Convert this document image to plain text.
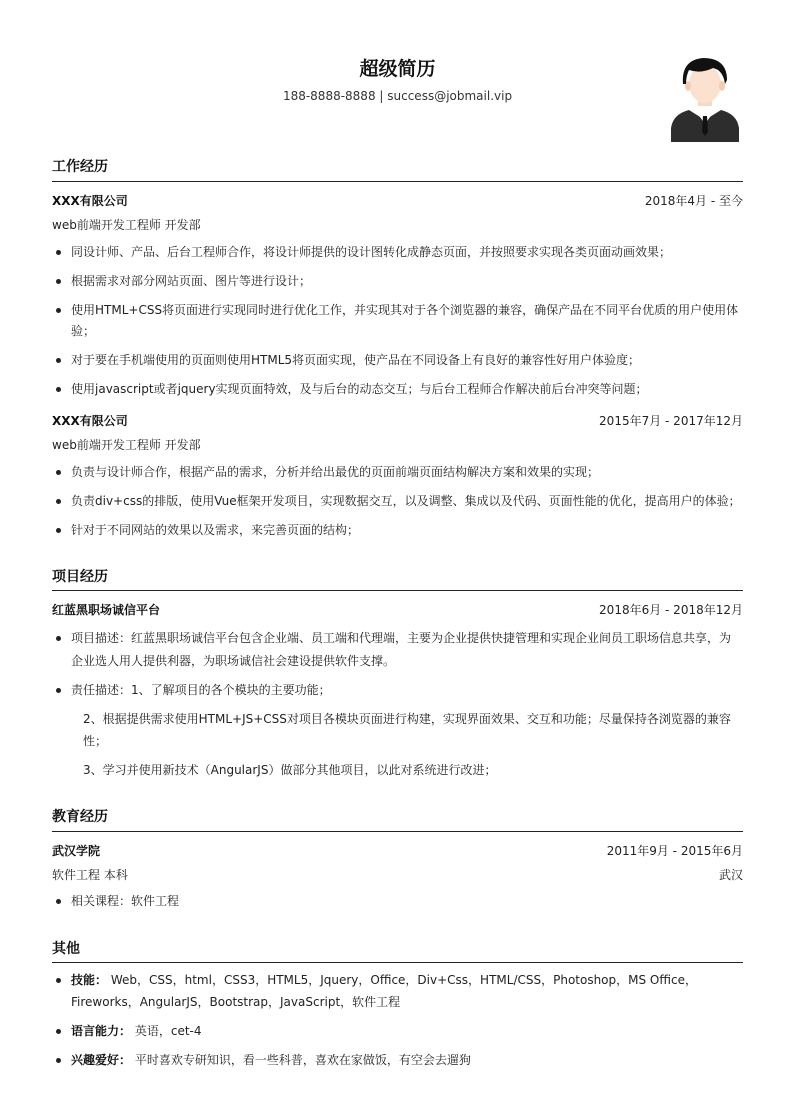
超级简历
188-8888-8888 | success@jobmail.vip
工作经历
XXX有限公司	2018年4月 - 至今
web前端开发工程师 开发部
同设计师、产品、后台工程师合作，将设计师提供的设计图转化成静态页面，并按照要求实现各类页面动画效果；
根据需求对部分网站页面、图片等进行设计；
使用HTML+CSS将页面进行实现同时进行优化工作，并实现其对于各个浏览器的兼容，确保产品在不同平台优质的用户使用体
验；
对于要在手机端使用的页面则使用HTML5将页面实现，使产品在不同设备上有良好的兼容性好用户体验度；
使用javascript或者jquery实现页面特效，及与后台的动态交互；与后台工程师合作解决前后台冲突等问题；
XXX有限公司	2015年7月 - 2017年12月
web前端开发工程师 开发部
负责与设计师合作，根据产品的需求，分析并给出最优的页面前端页面结构解决方案和效果的实现；
负责div+css的排版，使用Vue框架开发项目，实现数据交互，以及调整、集成以及代码、页面性能的优化，提高用户的体验；
针对于不同网站的效果以及需求，来完善页面的结构；
项目经历
红蓝黑职场诚信平台	2018年6月 - 2018年12月
项目描述：红蓝黑职场诚信平台包含企业端、员工端和代理端，主要为企业提供快捷管理和实现企业间员工职场信息共享，为
企业选人用人提供利器，为职场诚信社会建设提供软件支撑。
责任描述：1、了解项目的各个模块的主要功能；
2、根据提供需求使用HTML+JS+CSS对项目各模块页面进行构建，实现界面效果、交互和功能；尽量保持各浏览器的兼容
性；
3、学习并使用新技术（AngularJS）做部分其他项目，以此对系统进行改进；
教育经历
武汉学院	2011年9月 - 2015年6月
软件工程 本科	武汉
相关课程：软件工程
其他
技能： Web，CSS，html，CSS3，HTML5，Jquery，Office，Div+Css，HTML/CSS，Photoshop，MS Office，
Fireworks，AngularJS，Bootstrap，JavaScript，软件工程
语言能力： 英语，cet-4
兴趣爱好： 平时喜欢专研知识，看一些科普，喜欢在家做饭，有空会去遛狗
